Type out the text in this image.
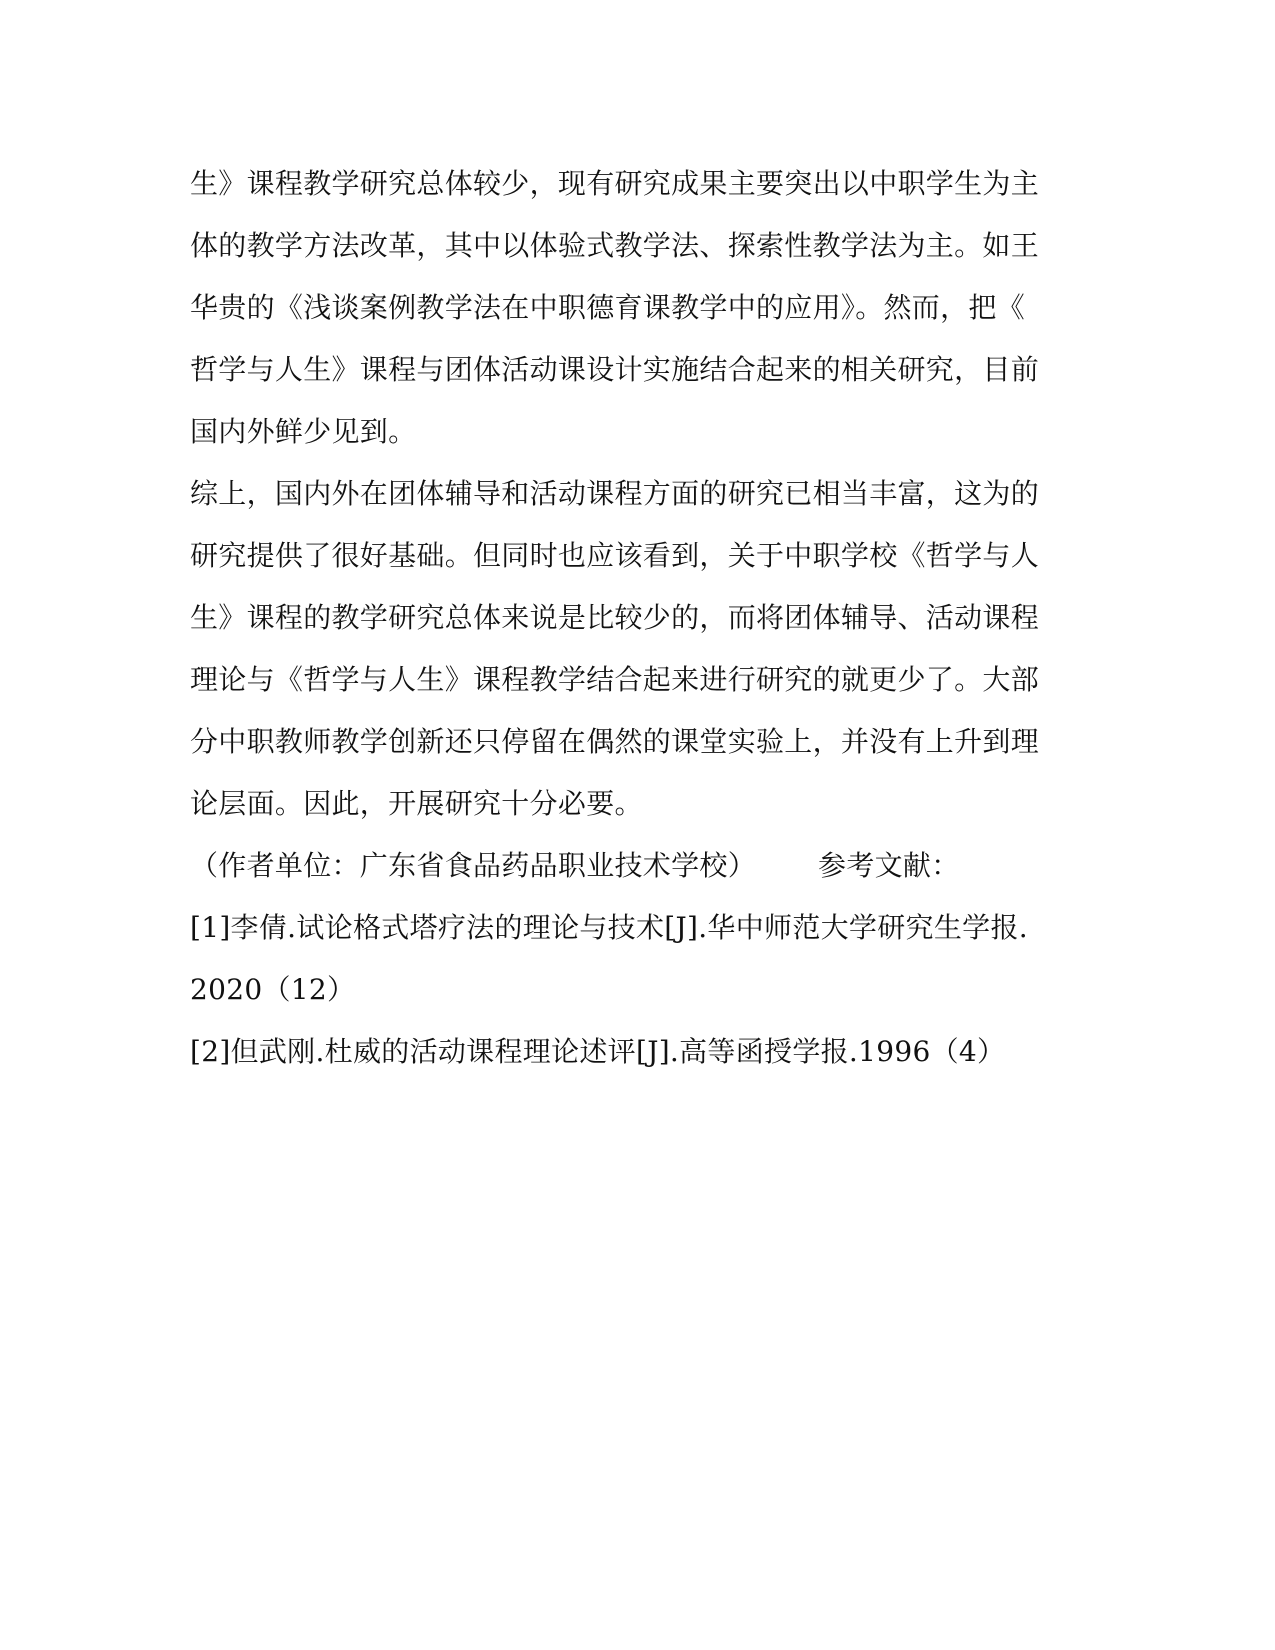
生》课程教学研究总体较少，现有研究成果主要突出以中职学生为主
体的教学方法改革，其中以体验式教学法、探索性教学法为主。如王
华贵的《浅谈案例教学法在中职德育课教学中的应用》。然而，把《
哲学与人生》课程与团体活动课设计实施结合起来的相关研究，目前
国内外鲜少见到。
综上，国内外在团体辅导和活动课程方面的研究已相当丰富，这为的
研究提供了很好基础。但同时也应该看到，关于中职学校《哲学与人
生》课程的教学研究总体来说是比较少的，而将团体辅导、活动课程
理论与《哲学与人生》课程教学结合起来进行研究的就更少了。大部
分中职教师教学创新还只停留在偶然的课堂实验上，并没有上升到理
论层面。因此，开展研究十分必要。
（作者单位：广东省食品药品职业技术学校） 参考文献：
[1]李倩.试论格式塔疗法的理论与技术[J].华中师范大学研究生学报.
2020（12）
[2]但武刚.杜威的活动课程理论述评[J].高等函授学报.1996（4）
